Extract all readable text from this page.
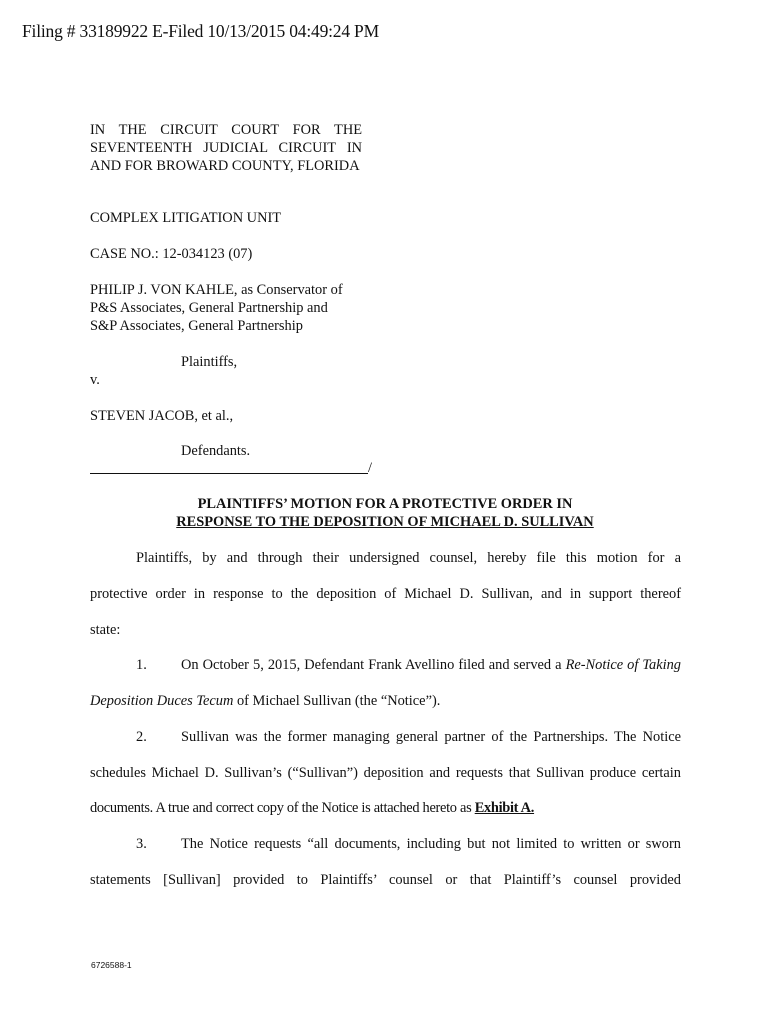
Filing # 33189922 E-Filed 10/13/2015 04:49:24 PM
IN THE CIRCUIT COURT FOR THE SEVENTEENTH JUDICIAL CIRCUIT IN AND FOR BROWARD COUNTY, FLORIDA
COMPLEX LITIGATION UNIT
CASE NO.: 12-034123 (07)
PHILIP J. VON KAHLE, as Conservator of
P&S Associates, General Partnership and
S&P Associates, General Partnership
Plaintiffs,
v.
STEVEN JACOB, et al.,
Defendants.
/
PLAINTIFFS’ MOTION FOR A PROTECTIVE ORDER IN
RESPONSE TO THE DEPOSITION OF MICHAEL D. SULLIVAN
Plaintiffs, by and through their undersigned counsel, hereby file this motion for a
protective order in response to the deposition of Michael D. Sullivan, and in support thereof
state:
1. On October 5, 2015, Defendant Frank Avellino filed and served a Re-Notice of Taking
Deposition Duces Tecum of Michael Sullivan (the “Notice”).
2. Sullivan was the former managing general partner of the Partnerships. The Notice
schedules Michael D. Sullivan’s (“Sullivan”) deposition and requests that Sullivan produce certain
documents. A true and correct copy of the Notice is attached hereto as Exhibit A.
3. The Notice requests “all documents, including but not limited to written or sworn
statements [Sullivan] provided to Plaintiffs’ counsel or that Plaintiff’s counsel provided
6726588-1
